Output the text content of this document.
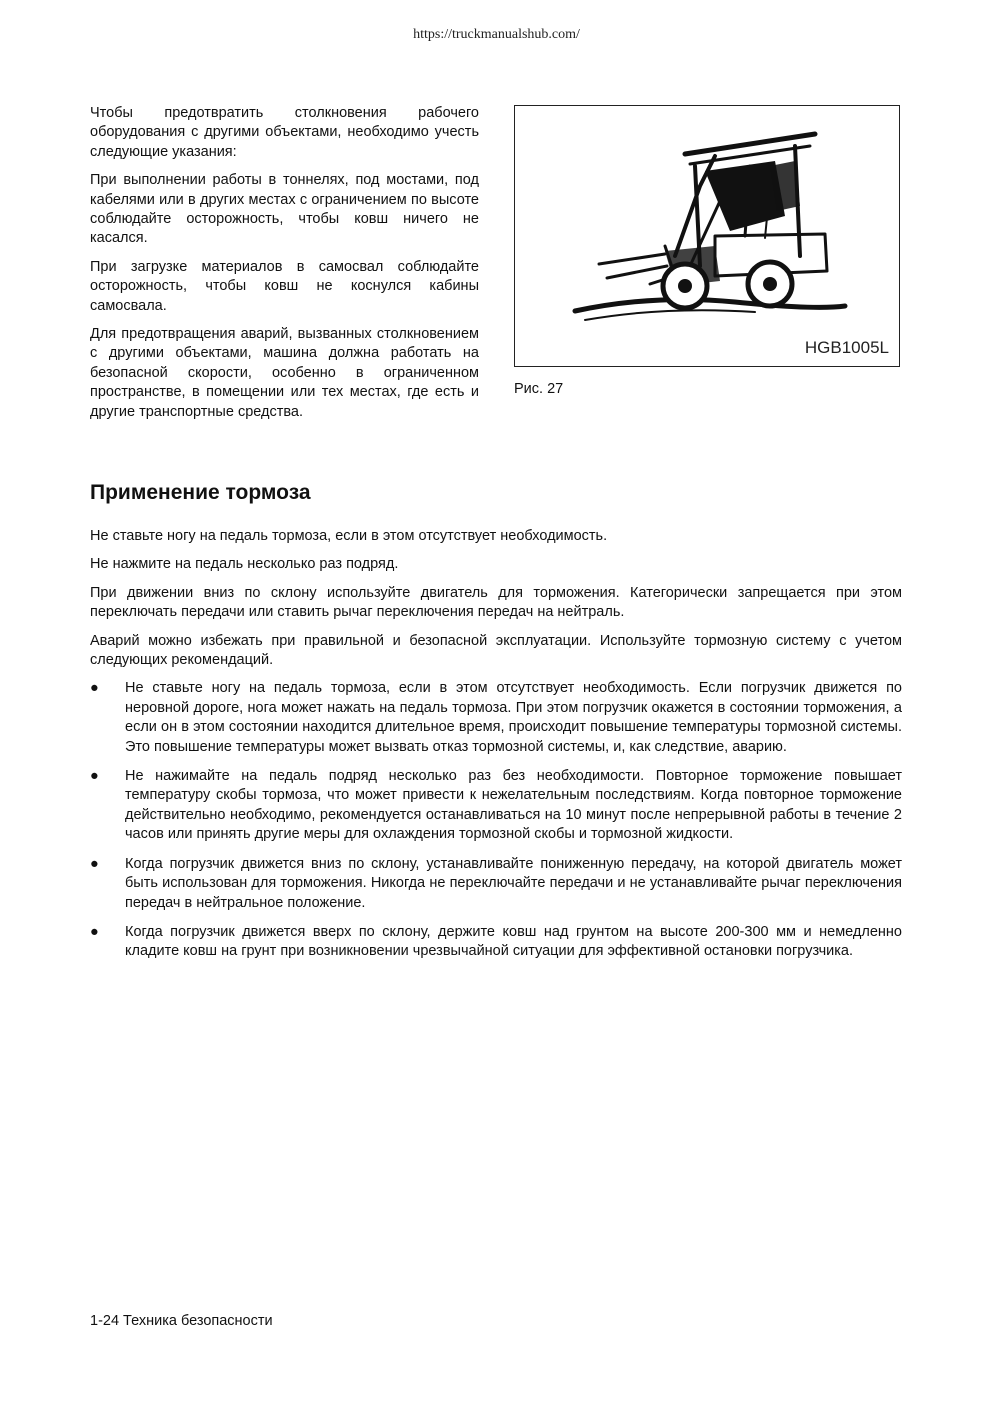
https://truckmanualshub.com/

Чтобы предотвратить столкновения рабочего оборудования с другими объектами, необходимо учесть следующие указания:

При выполнении работы в тоннелях, под мостами, под кабелями или в других местах с ограничением по высоте соблюдайте осторожность, чтобы ковш ничего не касался.

При загрузке материалов в самосвал соблюдайте осторожность, чтобы ковш не коснулся кабины самосвала.

Для предотвращения аварий, вызванных столкновением с другими объектами, машина должна работать на безопасной скорости, особенно в ограниченном пространстве, в помещении или тех местах, где есть и другие транспортные средства.

HGB1005L
Рис. 27
Применение тормоза

Не ставьте ногу на педаль тормоза, если в этом отсутствует необходимость.

Не нажмите на педаль несколько раз подряд.

При движении вниз по склону используйте двигатель для торможения. Категорически запрещается при этом переключать передачи или ставить рычаг переключения передач на нейтраль.

Аварий можно избежать при правильной и безопасной эксплуатации. Используйте тормозную систему с учетом следующих рекомендаций.

● Не ставьте ногу на педаль тормоза, если в этом отсутствует необходимость. Если погрузчик движется по неровной дороге, нога может нажать на педаль тормоза. При этом погрузчик окажется в состоянии торможения, а если он в этом состоянии находится длительное время, происходит повышение температуры тормозной системы. Это повышение температуры может вызвать отказ тормозной системы, и, как следствие, аварию.
● Не нажимайте на педаль подряд несколько раз без необходимости. Повторное торможение повышает температуру скобы тормоза, что может привести к нежелательным последствиям. Когда повторное торможение действительно необходимо, рекомендуется останавливаться на 10 минут после непрерывной работы в течение 2 часов или принять другие меры для охлаждения тормозной скобы и тормозной жидкости.
● Когда погрузчик движется вниз по склону, устанавливайте пониженную передачу, на которой двигатель может быть использован для торможения. Никогда не переключайте передачи и не устанавливайте рычаг переключения передач в нейтральное положение.
● Когда погрузчик движется вверх по склону, держите ковш над грунтом на высоте 200-300 мм и немедленно кладите ковш на грунт при возникновении чрезвычайной ситуации для эффективной остановки погрузчика.
1-24 Техника безопасности
